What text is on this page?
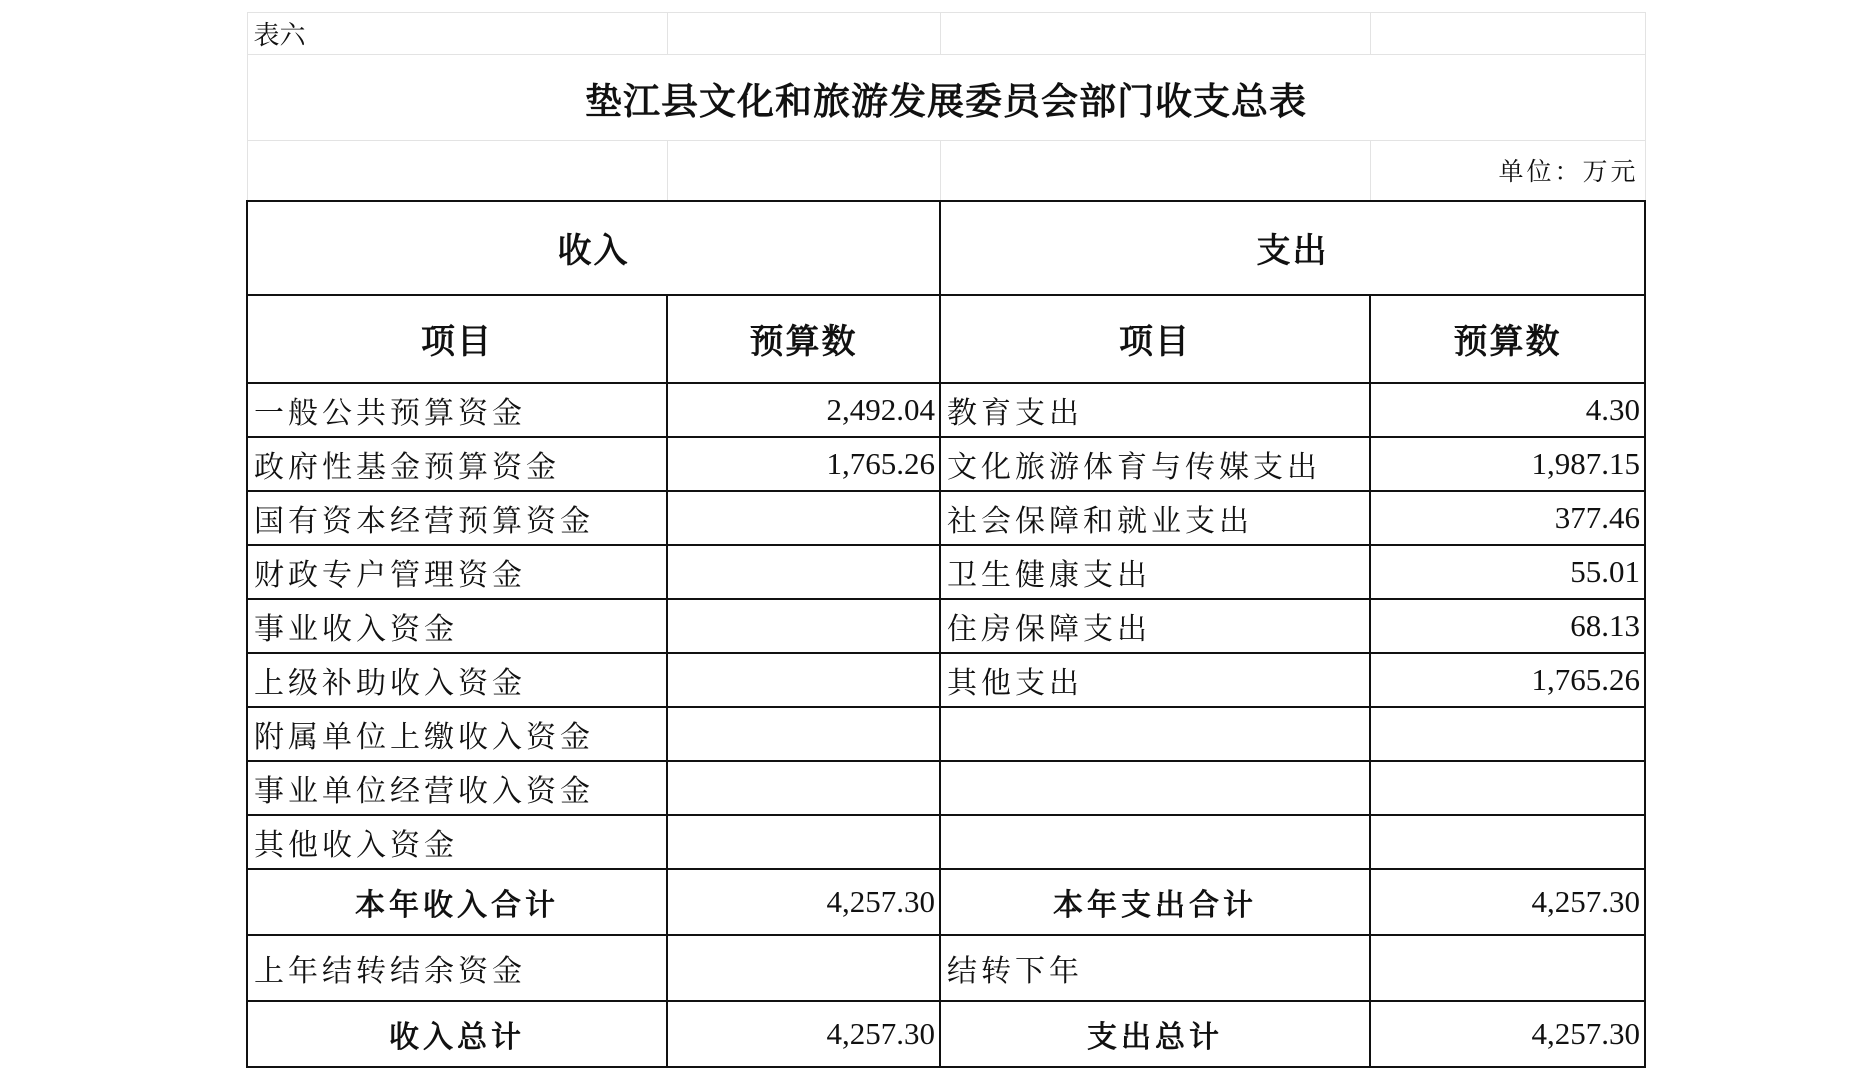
表六			
垫江县文化和旅游发展委员会部门收支总表			
			单位：万元
收入		支出	
项目	预算数	项目	预算数
一般公共预算资金	2,492.04	教育支出	4.30
政府性基金预算资金	1,765.26	文化旅游体育与传媒支出	1,987.15
国有资本经营预算资金		社会保障和就业支出	377.46
财政专户管理资金		卫生健康支出	55.01
事业收入资金		住房保障支出	68.13
上级补助收入资金		其他支出	1,765.26
附属单位上缴收入资金			
事业单位经营收入资金			
其他收入资金			
本年收入合计	4,257.30	本年支出合计	4,257.30
上年结转结余资金		结转下年	
收入总计	4,257.30	支出总计	4,257.30
